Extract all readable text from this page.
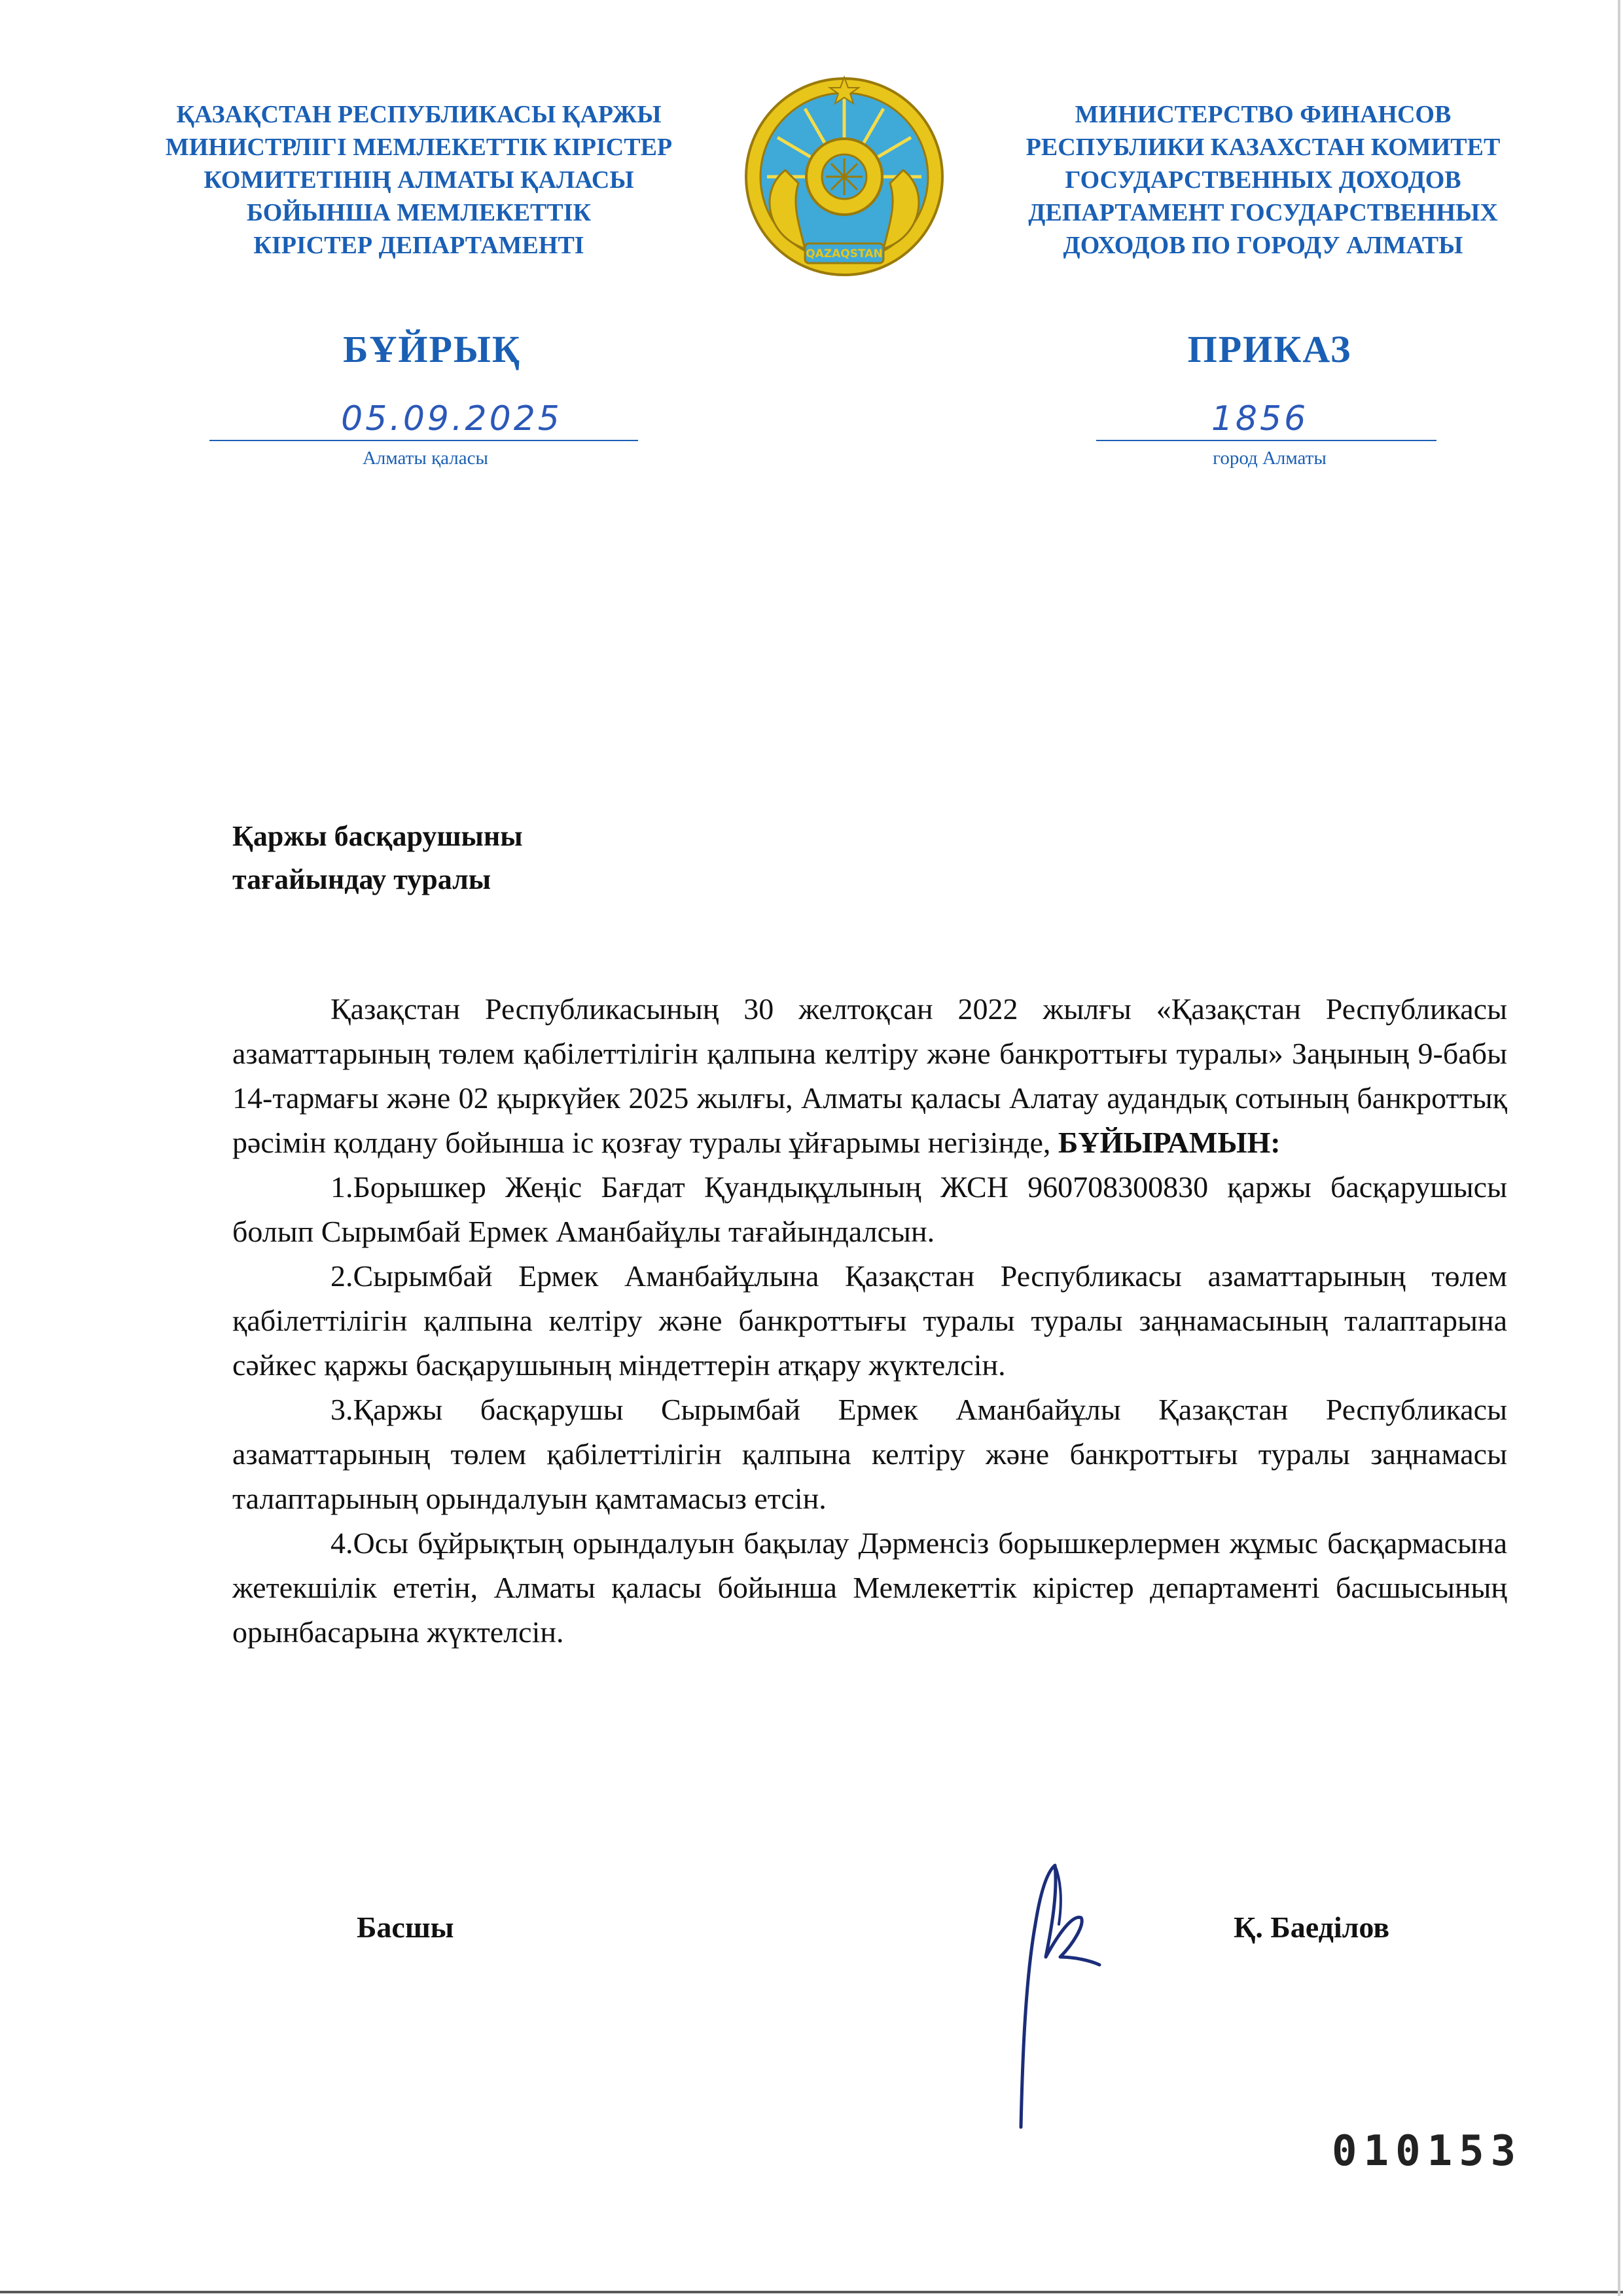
ҚАЗАҚСТАН РЕСПУБЛИКАСЫ ҚАРЖЫ
МИНИСТРЛІГІ МЕМЛЕКЕТТІК КІРІСТЕР
КОМИТЕТІНІҢ АЛМАТЫ ҚАЛАСЫ
БОЙЫНША МЕМЛЕКЕТТІК
КІРІСТЕР ДЕПАРТАМЕНТІ	QAZAQSTAN
МИНИСТЕРСТВО ФИНАНСОВ
РЕСПУБЛИКИ КАЗАХСТАН КОМИТЕТ
ГОСУДАРСТВЕННЫХ ДОХОДОВ
ДЕПАРТАМЕНТ ГОСУДАРСТВЕННЫХ
ДОХОДОВ ПО ГОРОДУ АЛМАТЫ
БҰЙРЫҚ	ПРИКАЗ
05.09.2025	1856
Алматы қаласы	город Алматы
Қаржы басқарушыны
тағайындау туралы

Қазақстан Республикасының 30 желтоқсан 2022 жылғы «Қазақстан Республикасы азаматтарының төлем қабілеттілігін қалпына келтіру және банкроттығы туралы» Заңының 9-бабы 14-тармағы және 02 қыркүйек 2025 жылғы, Алматы қаласы Алатау аудандық сотының банкроттық рәсімін қолдану бойынша іс қозғау туралы ұйғарымы негізінде, БҰЙЫРАМЫН:

1.Борышкер Жеңіс Бағдат Қуандықұлының ЖСН 960708300830 қаржы басқарушысы болып Сырымбай Ермек Аманбайұлы тағайындалсын.

2.Сырымбай Ермек Аманбайұлына Қазақстан Республикасы азаматтарының төлем қабілеттілігін қалпына келтіру және банкроттығы туралы туралы заңнамасының талаптарына сәйкес қаржы басқарушының міндеттерін атқару жүктелсін.

3.Қаржы басқарушы Сырымбай Ермек Аманбайұлы Қазақстан Республикасы азаматтарының төлем қабілеттілігін қалпына келтіру және банкроттығы туралы заңнамасы талаптарының орындалуын қамтамасыз етсін.

4.Осы бұйрықтың орындалуын бақылау Дәрменсіз борышкерлермен жұмыс басқармасына жетекшілік ететін, Алматы қаласы бойынша Мемлекеттік кірістер департаменті басшысының орынбасарына жүктелсін.

Басшы	Қ. Баеділов
010153
